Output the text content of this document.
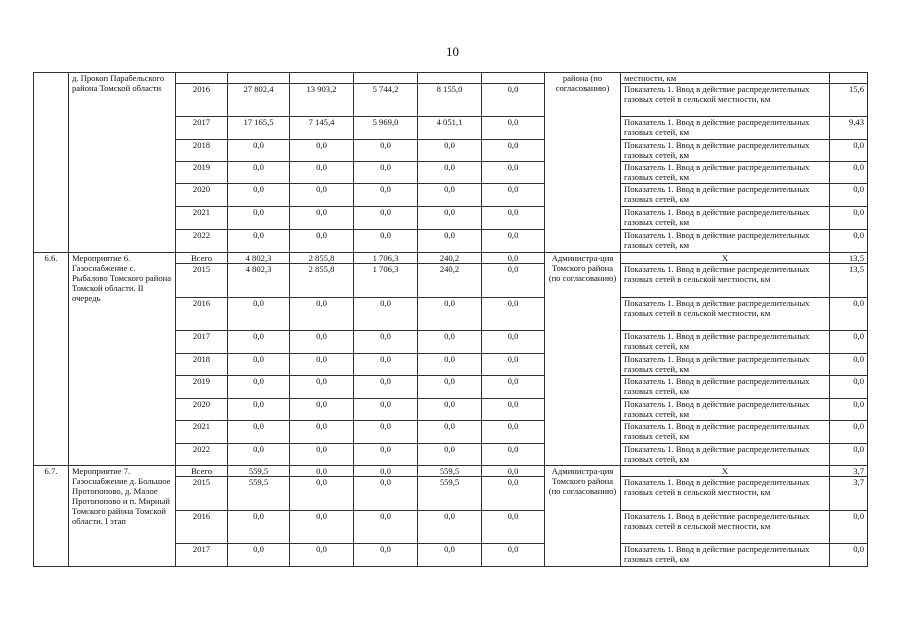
10
	д. Прокоп Парабельского района Томской области							района (по согласованию)	местности, км	
		2016	27 802,4	13 903,2	5 744,2	8 155,0	0,0		Показатель 1. Ввод в действие распределительных газовых сетей в сельской местности, км	15,6
		2017	17 165,5	7 145,4	5 969,0	4 051,1	0,0		Показатель 1. Ввод в действие распределительных газовых сетей, км	9,43
		2018	0,0	0,0	0,0	0,0	0,0		Показатель 1. Ввод в действие распределительных газовых сетей, км	0,0
		2019	0,0	0,0	0,0	0,0	0,0		Показатель 1. Ввод в действие распределительных газовых сетей, км	0,0
		2020	0,0	0,0	0,0	0,0	0,0		Показатель 1. Ввод в действие распределительных газовых сетей, км	0,0
		2021	0,0	0,0	0,0	0,0	0,0		Показатель 1. Ввод в действие распределительных газовых сетей, км	0,0
		2022	0,0	0,0	0,0	0,0	0,0		Показатель 1. Ввод в действие распределительных газовых сетей, км	0,0
6.6.	Мероприятие 6. Газоснабжение с. Рыбалово Томского района Томской области. II очередь	Всего	4 802,3	2 855,8	1 706,3	240,2	0,0	Администра-ция Томского района (по согласованию)	X	13,5
		2015	4 802,3	2 855,8	1 706,3	240,2	0,0		Показатель 1. Ввод в действие распределительных газовых сетей в сельской местности, км	13,5
		2016	0,0	0,0	0,0	0,0	0,0		Показатель 1. Ввод в действие распределительных газовых сетей в сельской местности, км	0,0
		2017	0,0	0,0	0,0	0,0	0,0		Показатель 1. Ввод в действие распределительных газовых сетей, км	0,0
		2018	0,0	0,0	0,0	0,0	0,0		Показатель 1. Ввод в действие распределительных газовых сетей, км	0,0
		2019	0,0	0,0	0,0	0,0	0,0		Показатель 1. Ввод в действие распределительных газовых сетей, км	0,0
		2020	0,0	0,0	0,0	0,0	0,0		Показатель 1. Ввод в действие распределительных газовых сетей, км	0,0
		2021	0,0	0,0	0,0	0,0	0,0		Показатель 1. Ввод в действие распределительных газовых сетей, км	0,0
		2022	0,0	0,0	0,0	0,0	0,0		Показатель 1. Ввод в действие распределительных газовых сетей, км	0,0
6.7.	Мероприятие 7. Газоснабжение д. Большое Протопопово, д. Малое Протопопово и п. Мирный Томского района Томской области. I этап	Всего	559,5	0,0	0,0	559,5	0,0	Администра-ция Томского района (по согласованию)	X	3,7
		2015	559,5	0,0	0,0	559,5	0,0		Показатель 1. Ввод в действие распределительных газовых сетей в сельской местности, км	3,7
		2016	0,0	0,0	0,0	0,0	0,0		Показатель 1. Ввод в действие распределительных газовых сетей в сельской местности, км	0,0
		2017	0,0	0,0	0,0	0,0	0,0		Показатель 1. Ввод в действие распределительных газовых сетей, км	0,0
